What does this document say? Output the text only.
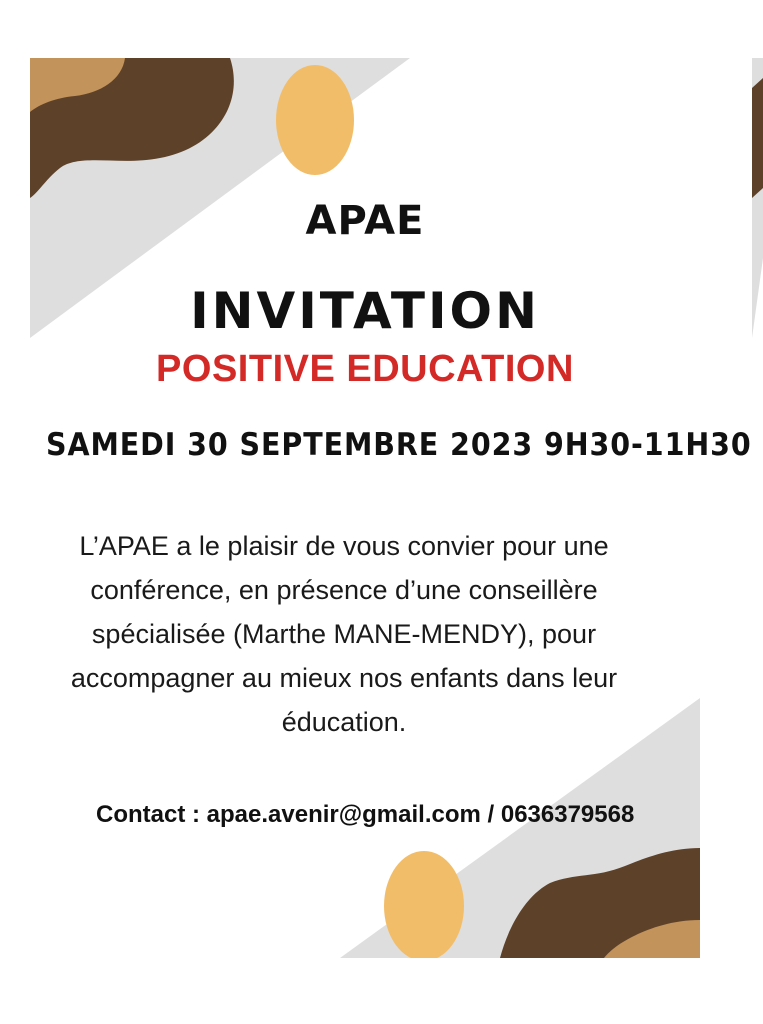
APAE
INVITATION
POSITIVE EDUCATION

SAMEDI 30 SEPTEMBRE 2023 9H30-11H30

L’APAE a le plaisir de vous convier pour une
conférence, en présence d’une conseillère
spécialisée (Marthe MANE-MENDY), pour
accompagner au mieux nos enfants dans leur
éducation.

Contact : apae.avenir@gmail.com / 0636379568
